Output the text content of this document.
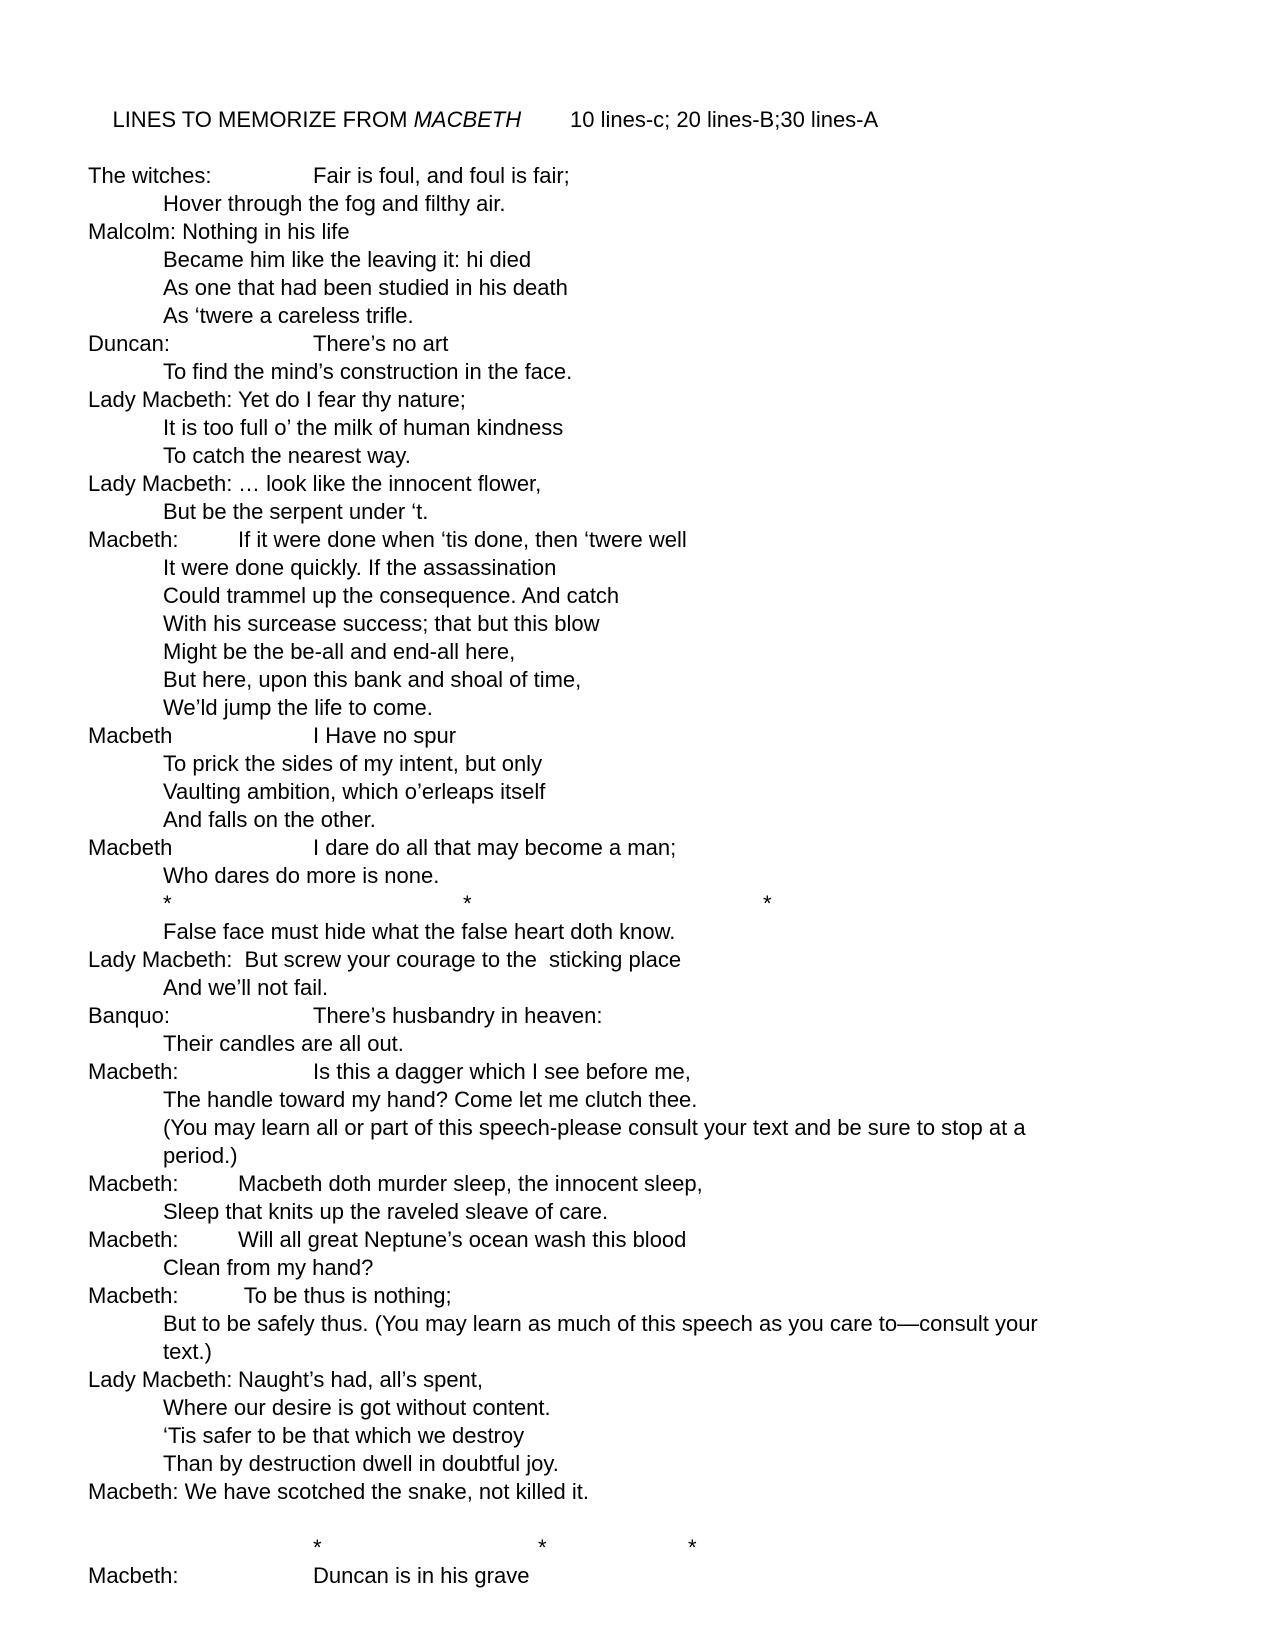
LINES TO MEMORIZE FROM MACBETH        10 lines-c; 20 lines-B;30 lines-A

The witches:		Fair is foul, and foul is fair;
	Hover through the fog and filthy air.
Malcolm: Nothing in his life
	Became him like the leaving it: hi died
	As one that had been studied in his death
	As ‘twere a careless trifle.
Duncan:		There’s no art
	To find the mind’s construction in the face.
Lady Macbeth:	Yet do I fear thy nature;
	It is too full o’ the milk of human kindness
	To catch the nearest way.
Lady Macbeth:	… look like the innocent flower,
	But be the serpent under ‘t.
Macbeth:	If it were done when ‘tis done, then ‘twere well
	It were done quickly. If the assassination
	Could trammel up the consequence. And catch
	With his surcease success; that but this blow
	Might be the be-all and end-all here,
	But here, upon this bank and shoal of time,
	We’ld jump the life to come.
Macbeth		I Have no spur
	To prick the sides of my intent, but only
	Vaulting ambition, which o’erleaps itself
	And falls on the other.
Macbeth		I dare do all that may become a man;
	Who dares do more is none.
	*				*				*
	False face must hide what the false heart doth know.
Lady Macbeth:  But screw your courage to the  sticking place
	And we’ll not fail.
Banquo:		There’s husbandry in heaven:
	Their candles are all out.
Macbeth:		Is this a dagger which I see before me,
	The handle toward my hand? Come let me clutch thee.
	(You may learn all or part of this speech-please consult your text and be sure to stop at a
	period.)
Macbeth:	Macbeth doth murder sleep, the innocent sleep,
	Sleep that knits up the raveled sleave of care.
Macbeth:	Will all great Neptune’s ocean wash this blood
	Clean from my hand?
Macbeth:	To be thus is nothing;
	But to be safely thus. (You may learn as much of this speech as you care to—consult your
	text.)
Lady Macbeth:	Naught’s had, all’s spent,
	Where our desire is got without content.
	‘Tis safer to be that which we destroy
	Than by destruction dwell in doubtful joy.
Macbeth: We have scotched the snake, not killed it.

			*			*		*
Macbeth:		Duncan is in his grave
